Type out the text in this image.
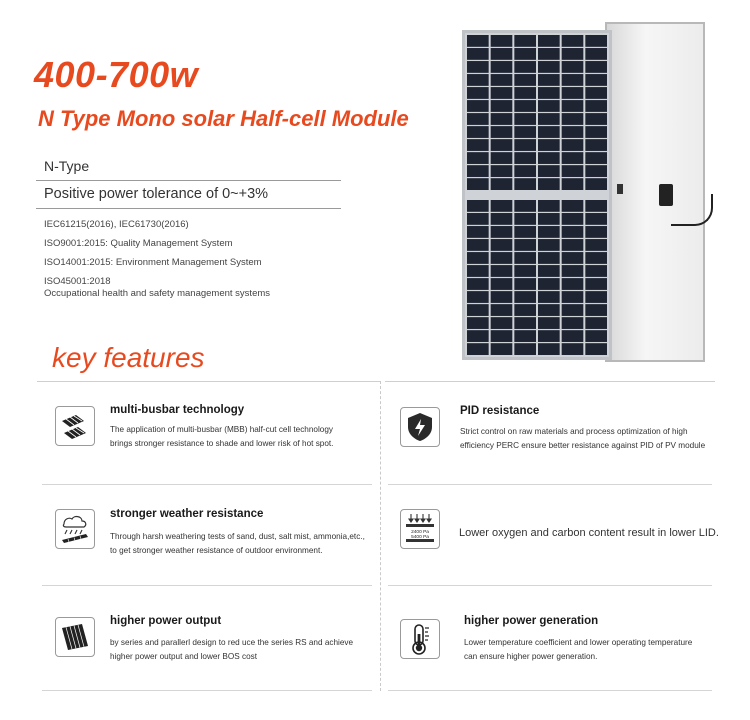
400-700w
N Type Mono solar Half-cell Module
N-Type
Positive power tolerance of 0~+3%
IEC61215(2016), IEC61730(2016)
ISO9001:2015: Quality Management System
ISO14001:2015: Environment Management System
ISO45001:2018
Occupational health and safety management systems
key features
multi-busbar technology
The application of multi-busbar (MBB) half-cut cell technology
brings stronger resistance to shade and lower risk of hot spot.
PID resistance
Strict control on raw materials and process optimization of high
efficiency PERC ensure better resistance against PID of PV module
stronger weather resistance
Through harsh weathering tests of sand, dust, salt mist, ammonia,etc.,
to get stronger weather resistance of outdoor environment.
2400 Pa
5400 Pa	Lower oxygen and carbon content result in lower LID.
higher power output
by series and parallerl design to red uce the series RS and achieve
higher power output and lower BOS cost
higher power generation
Lower temperature coefficient and lower operating temperature
can ensure higher power generation.
